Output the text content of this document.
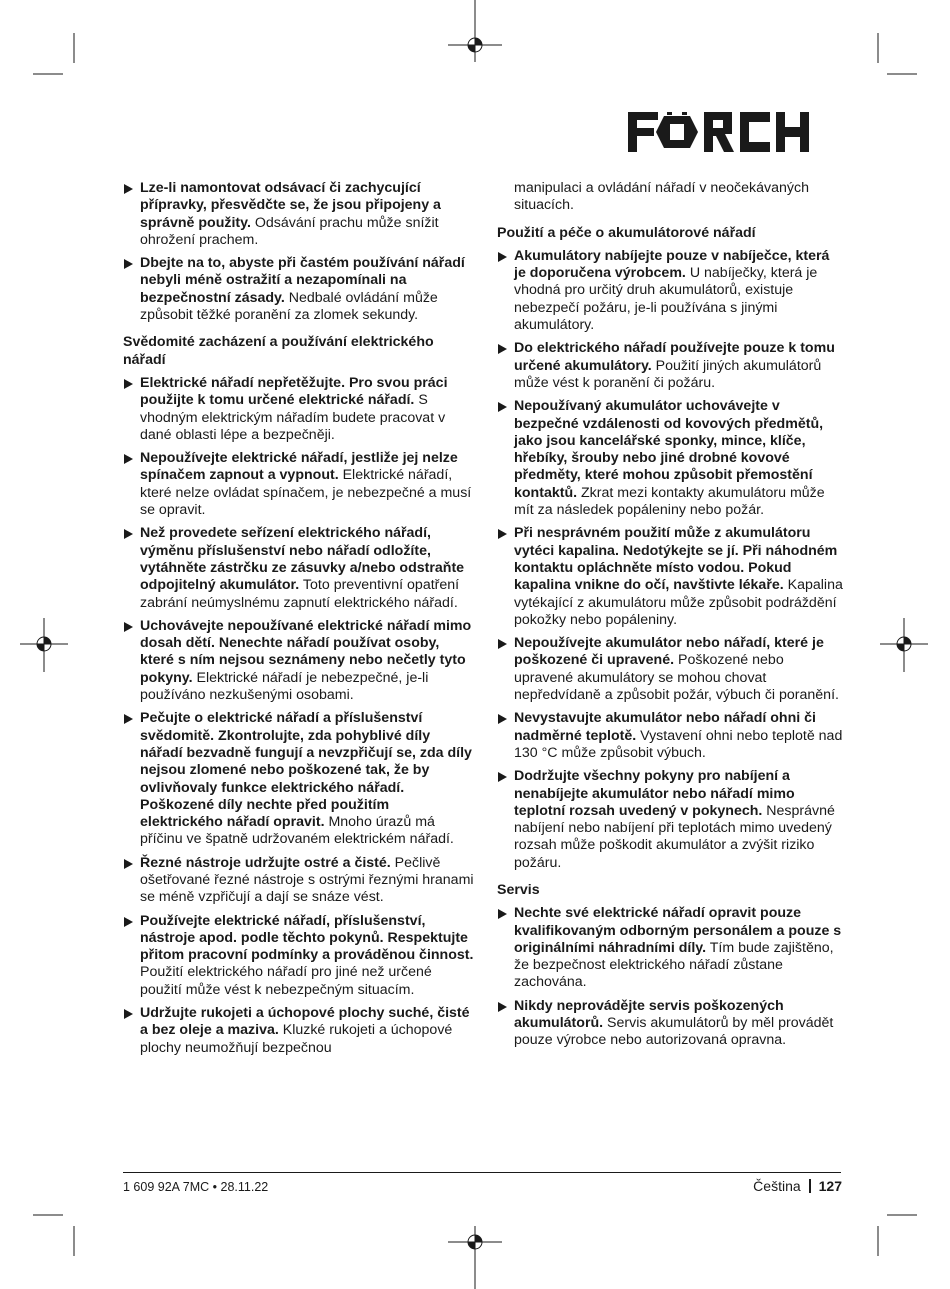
Lze-li namontovat odsávací či zachycující přípravky, přesvědčte se, že jsou připojeny a správně použity. Odsávání prachu může snížit ohrožení prachem.
Dbejte na to, abyste při častém používání nářadí nebyli méně ostražití a nezapomínali na bezpečnostní zásady. Nedbalé ovládání může způsobit těžké poranění za zlomek sekundy.
Svědomité zacházení a používání elektrického nářadí
Elektrické nářadí nepřetěžujte. Pro svou práci použijte k tomu určené elektrické nářadí. S vhodným elektrickým nářadím budete pracovat v dané oblasti lépe a bezpečněji.
Nepoužívejte elektrické nářadí, jestliže jej nelze spínačem zapnout a vypnout. Elektrické nářadí, které nelze ovládat spínačem, je nebezpečné a musí se opravit.
Než provedete seřízení elektrického nářadí, výměnu příslušenství nebo nářadí odložíte, vytáhněte zástrčku ze zásuvky a/nebo odstraňte odpojitelný akumulátor. Toto preventivní opatření zabrání neúmyslnému zapnutí elektrického nářadí.
Uchovávejte nepoužívané elektrické nářadí mimo dosah dětí. Nenechte nářadí používat osoby, které s ním nejsou seznámeny nebo nečetly tyto pokyny. Elektrické nářadí je nebezpečné, je-li používáno nezkušenými osobami.
Pečujte o elektrické nářadí a příslušenství svědomitě. Zkontrolujte, zda pohyblivé díly nářadí bezvadně fungují a nevzpřičují se, zda díly nejsou zlomené nebo poškozené tak, že by ovlivňovaly funkce elektrického nářadí. Poškozené díly nechte před použitím elektrického nářadí opravit. Mnoho úrazů má příčinu ve špatně udržovaném elektrickém nářadí.
Řezné nástroje udržujte ostré a čisté. Pečlivě ošetřované řezné nástroje s ostrými řeznými hranami se méně vzpřičují a dají se snáze vést.
Používejte elektrické nářadí, příslušenství, nástroje apod. podle těchto pokynů. Respektujte přitom pracovní podmínky a prováděnou činnost. Použití elektrického nářadí pro jiné než určené použití může vést k nebezpečným situacím.
Udržujte rukojeti a úchopové plochy suché, čisté a bez oleje a maziva. Kluzké rukojeti a úchopové plochy neumožňují bezpečnou
manipulaci a ovládání nářadí v neočekávaných situacích.
Použití a péče o akumulátorové nářadí
Akumulátory nabíjejte pouze v nabíječce, která je doporučena výrobcem. U nabíječky, která je vhodná pro určitý druh akumulátorů, existuje nebezpečí požáru, je-li používána s jinými akumulátory.
Do elektrického nářadí používejte pouze k tomu určené akumulátory. Použití jiných akumulátorů může vést k poranění či požáru.
Nepoužívaný akumulátor uchovávejte v bezpečné vzdálenosti od kovových předmětů, jako jsou kancelářské sponky, mince, klíče, hřebíky, šrouby nebo jiné drobné kovové předměty, které mohou způsobit přemostění kontaktů. Zkrat mezi kontakty akumulátoru může mít za následek popáleniny nebo požár.
Při nesprávném použití může z akumulátoru vytéci kapalina. Nedotýkejte se jí. Při náhodném kontaktu opláchněte místo vodou. Pokud kapalina vnikne do očí, navštivte lékaře. Kapalina vytékající z akumulátoru může způsobit podráždění pokožky nebo popáleniny.
Nepoužívejte akumulátor nebo nářadí, které je poškozené či upravené. Poškozené nebo upravené akumulátory se mohou chovat nepředvídaně a způsobit požár, výbuch či poranění.
Nevystavujte akumulátor nebo nářadí ohni či nadměrné teplotě. Vystavení ohni nebo teplotě nad 130 °C může způsobit výbuch.
Dodržujte všechny pokyny pro nabíjení a nenabíjejte akumulátor nebo nářadí mimo teplotní rozsah uvedený v pokynech. Nesprávné nabíjení nebo nabíjení při teplotách mimo uvedený rozsah může poškodit akumulátor a zvýšit riziko požáru.
Servis
Nechte své elektrické nářadí opravit pouze kvalifikovaným odborným personálem a pouze s originálními náhradními díly. Tím bude zajištěno, že bezpečnost elektrického nářadí zůstane zachována.
Nikdy neprovádějte servis poškozených akumulátorů. Servis akumulátorů by měl provádět pouze výrobce nebo autorizovaná opravna.
1 609 92A 7MC • 28.11.22	Čeština 127
